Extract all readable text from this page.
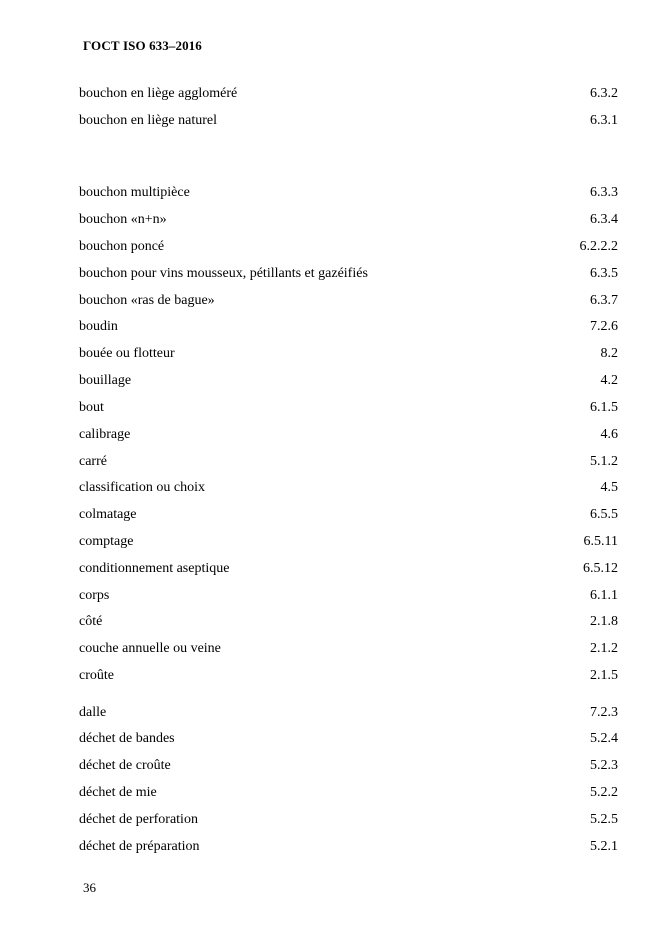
ГОСТ ISO 633–2016
bouchon en liège aggloméré	6.3.2
bouchon en liège naturel	6.3.1
bouchon multipièce	6.3.3
bouchon «n+n»	6.3.4
bouchon poncé	6.2.2.2
bouchon pour vins mousseux, pétillants et gazéifiés	6.3.5
bouchon «ras de bague»	6.3.7
boudin	7.2.6
bouée ou flotteur	8.2
bouillage	4.2
bout	6.1.5
calibrage	4.6
carré	5.1.2
classification ou choix	4.5
colmatage	6.5.5
comptage	6.5.11
conditionnement aseptique	6.5.12
corps	6.1.1
côté	2.1.8
couche annuelle ou veine	2.1.2
croûte	2.1.5
dalle	7.2.3
déchet de bandes	5.2.4
déchet de croûte	5.2.3
déchet de mie	5.2.2
déchet de perforation	5.2.5
déchet de préparation	5.2.1
36
